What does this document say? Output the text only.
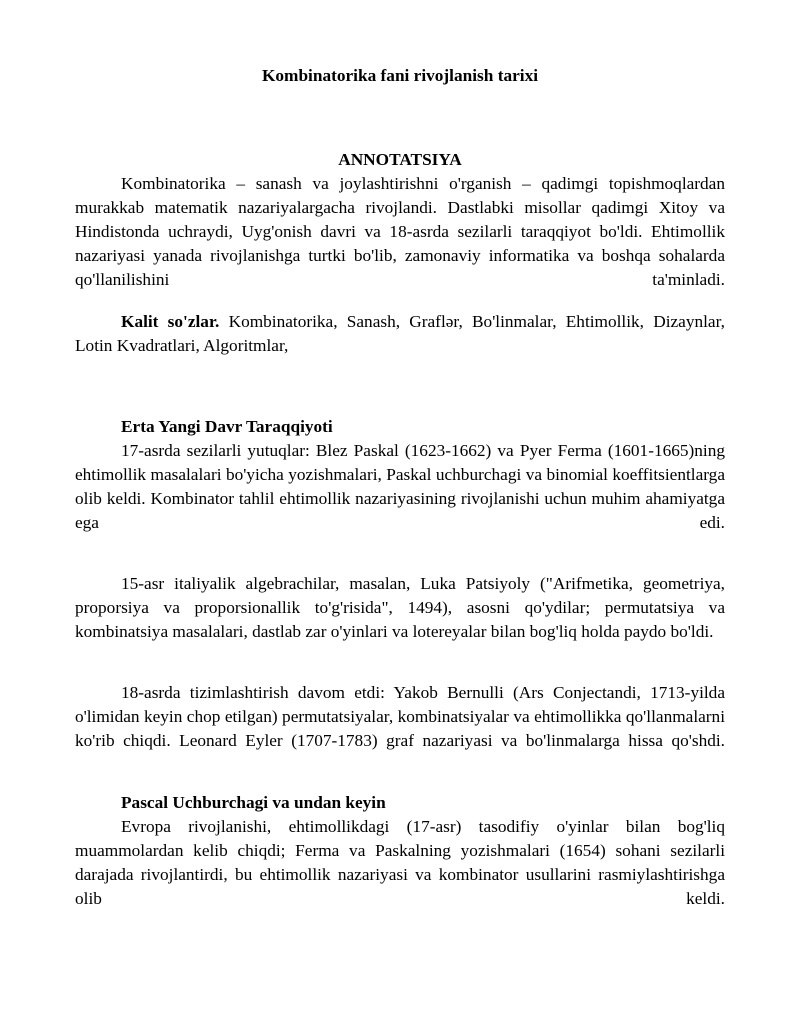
Kombinatorika fani rivojlanish tarixi

ANNOTATSIYA

Kombinatorika – sanash va joylashtirishni o'rganish – qadimgi topishmoqlardan murakkab matematik nazariyalargacha rivojlandi. Dastlabki misollar qadimgi Xitoy va Hindistonda uchraydi, Uyg'onish davri va 18-asrda sezilarli taraqqiyot bo'ldi. Ehtimollik nazariyasi yanada rivojlanishga turtki bo'lib, zamonaviy informatika va boshqa sohalarda qo'llanilishini ta'minladi.

Kalit so'zlar. Kombinatorika, Sanash, Graflər, Bo'linmalar, Ehtimollik, Dizaynlar, Lotin Kvadratlari, Algoritmlar,

Erta Yangi Davr Taraqqiyoti

17-asrda sezilarli yutuqlar: Blez Paskal (1623-1662) va Pyer Ferma (1601-1665)ning ehtimollik masalalari bo'yicha yozishmalari, Paskal uchburchagi va binomial koeffitsientlarga olib keldi. Kombinator tahlil ehtimollik nazariyasining rivojlanishi uchun muhim ahamiyatga ega edi.

15-asr italiyalik algebrachilar, masalan, Luka Patsiyoly ("Arifmetika, geometriya, proporsiya va proporsionallik to'g'risida", 1494), asosni qo'ydilar; permutatsiya va kombinatsiya masalalari, dastlab zar o'yinlari va lotereyalar bilan bog'liq holda paydo bo'ldi.

18-asrda tizimlashtirish davom etdi: Yakob Bernulli (Ars Conjectandi, 1713-yilda o'limidan keyin chop etilgan) permutatsiyalar, kombinatsiyalar va ehtimollikka qo'llanmalarni ko'rib chiqdi. Leonard Eyler (1707-1783) graf nazariyasi va bo'linmalarga hissa qo'shdi.

Pascal Uchburchagi va undan keyin

Evropa rivojlanishi, ehtimollikdagi (17-asr) tasodifiy o'yinlar bilan bog'liq muammolardan kelib chiqdi; Ferma va Paskalning yozishmalari (1654) sohani sezilarli darajada rivojlantirdi, bu ehtimollik nazariyasi va kombinator usullarini rasmiylashtirishga olib keldi.
